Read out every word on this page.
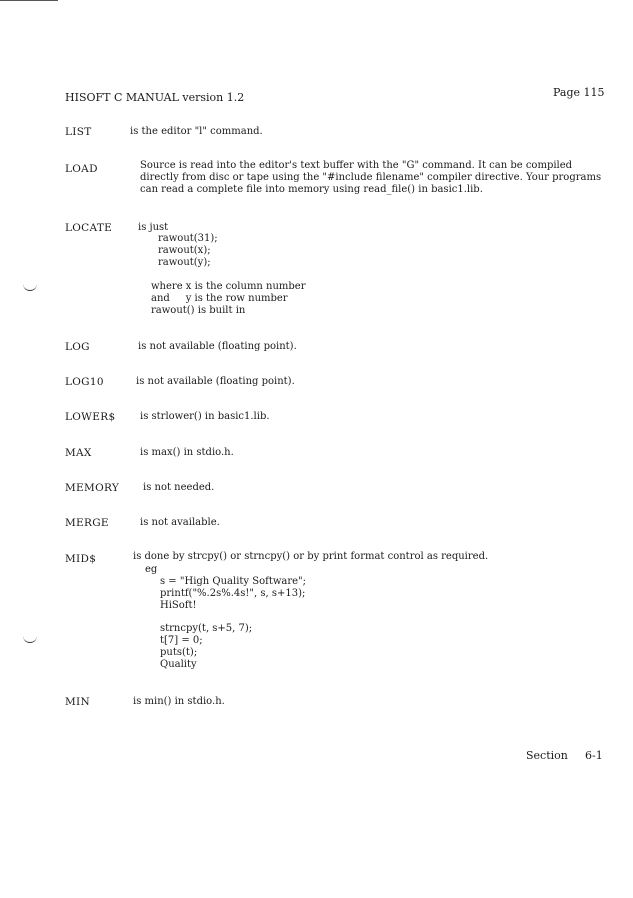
HISOFT C MANUAL version 1.2	Page 115
LIST	is the editor "l" command.
LOAD	Source is read into the editor's text buffer with the "G" command. It can be compiled
directly from disc or tape using the "#include filename" compiler directive. Your programs
can read a complete file into memory using read_file() in basic1.lib.
LOCATE	is just
rawout(31);
rawout(x);
rawout(y);
where x is the column number
and     y is the row number
rawout() is built in
LOG	is not available (floating point).
LOG10	is not available (floating point).
LOWER$ is strlower() in basic1.lib.
MAX	is max() in stdio.h.
MEMORY is not needed.
MERGE	is not available.
MID$	is done by strcpy() or strncpy() or by print format control as required.
eg
s = "High Quality Software";
printf("%.2s%.4s!", s, s+13);
HiSoft!
strncpy(t, s+5, 7);
t[7] = 0;
puts(t);
Quality
MIN	is min() in stdio.h.
Section 6-1
